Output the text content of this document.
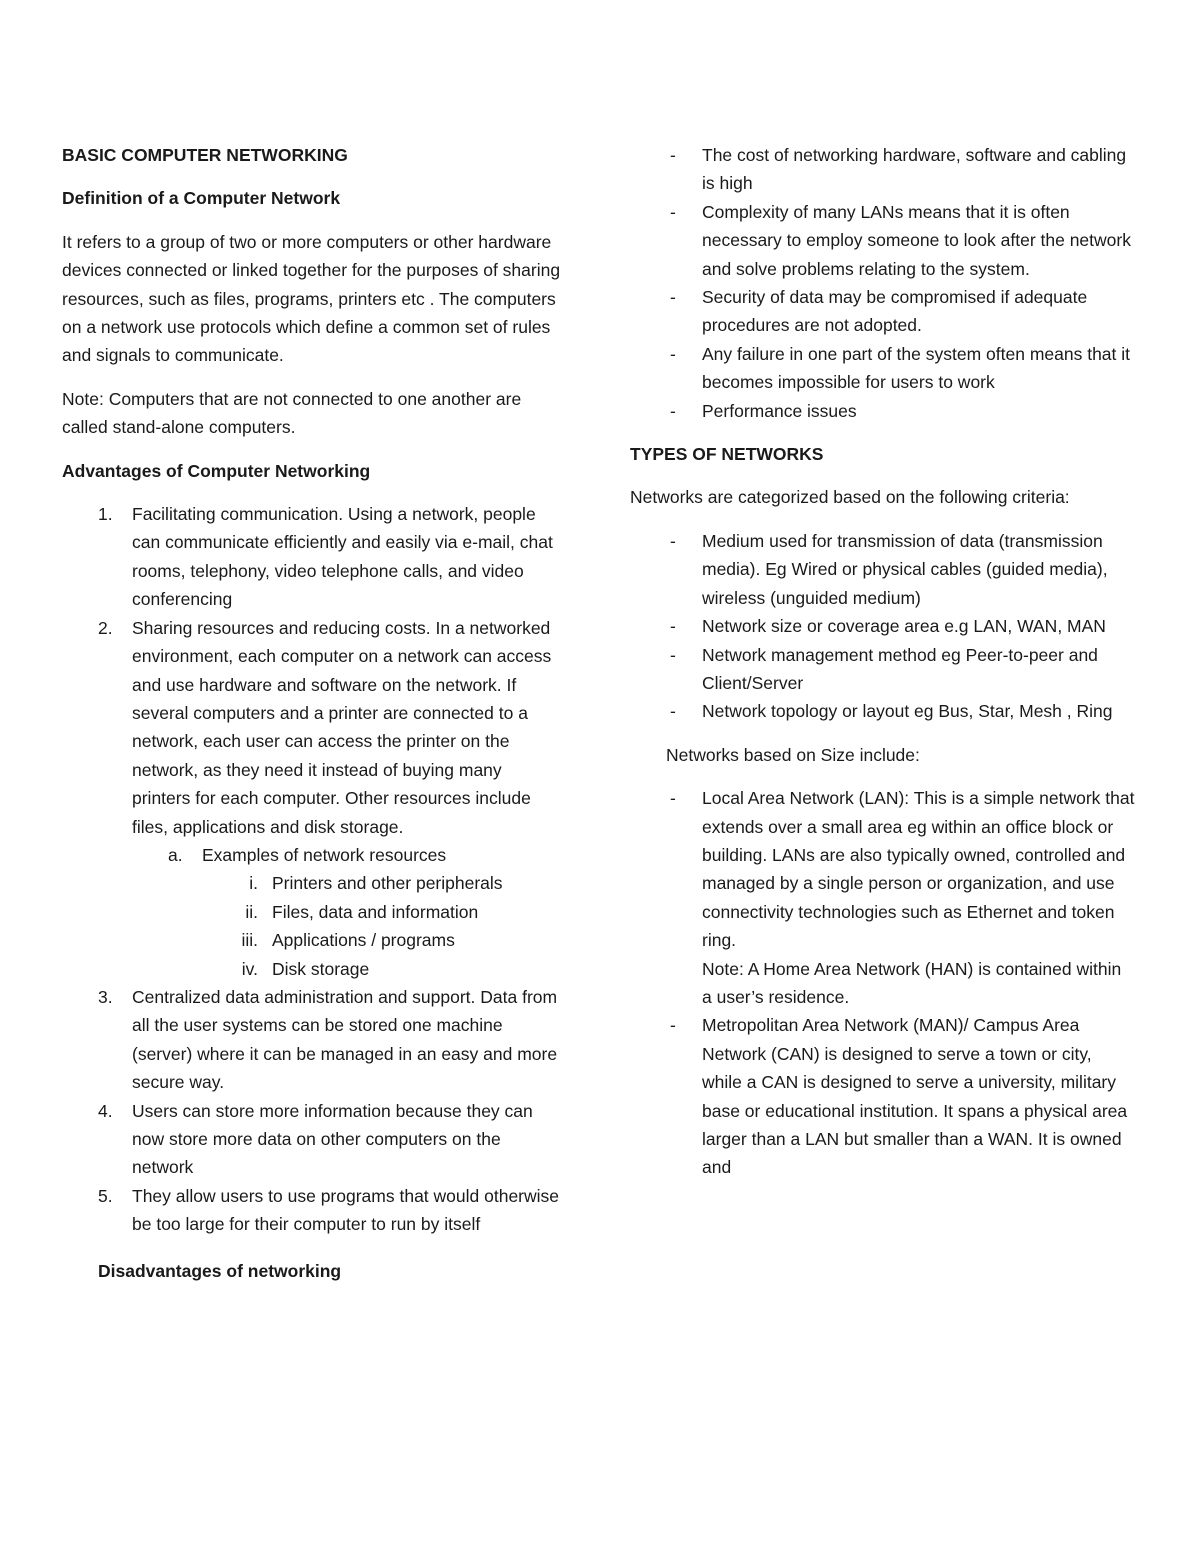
BASIC COMPUTER NETWORKING

Definition of a Computer Network

It refers to a group of two or more computers or other hardware devices connected or linked together for the purposes of sharing resources, such as files, programs, printers etc . The computers on a network use protocols which define a common set of rules and signals to communicate.

Note: Computers that are not connected to one another are called stand-alone computers.

Advantages of Computer Networking

1. Facilitating communication. Using a network, people can communicate efficiently and easily via e-mail, chat rooms, telephony, video telephone calls, and video conferencing
2. Sharing resources and reducing costs. In a networked environment, each computer on a network can access and use hardware and software on the network. If several computers and a printer are connected to a network, each user can access the printer on the network, as they need it instead of buying many printers for each computer. Other resources include files, applications and disk storage.
a. Examples of network resources
i. Printers and other peripherals
ii. Files, data and information
iii. Applications / programs
iv. Disk storage
3. Centralized data administration and support. Data from all the user systems can be stored one machine (server) where it can be managed in an easy and more secure way.
4. Users can store more information because they can now store more data on other computers on the network
5. They allow users to use programs that would otherwise be too large for their computer to run by itself

Disadvantages of networking

- The cost of networking hardware, software and cabling is high
- Complexity of many LANs means that it is often necessary to employ someone to look after the network and solve problems relating to the system.
- Security of data may be compromised if adequate procedures are not adopted.
- Any failure in one part of the system often means that it becomes impossible for users to work
- Performance issues

TYPES OF NETWORKS

Networks are categorized based on the following criteria:

- Medium used for transmission of data (transmission media). Eg Wired or physical cables (guided media), wireless (unguided medium)
- Network size or coverage area e.g LAN, WAN, MAN
- Network management method eg Peer-to-peer and Client/Server
- Network topology or layout eg Bus, Star, Mesh , Ring

Networks based on Size include:

- Local Area Network (LAN): This is a simple network that extends over a small area eg within an office block or building. LANs are also typically owned, controlled and managed by a single person or organization, and use connectivity technologies such as Ethernet and token ring.

Note: A Home Area Network (HAN) is contained within a user’s residence.

- Metropolitan Area Network (MAN)/ Campus Area Network (CAN) is designed to serve a town or city, while a CAN is designed to serve a university, military base or educational institution. It spans a physical area larger than a LAN but smaller than a WAN. It is owned and
